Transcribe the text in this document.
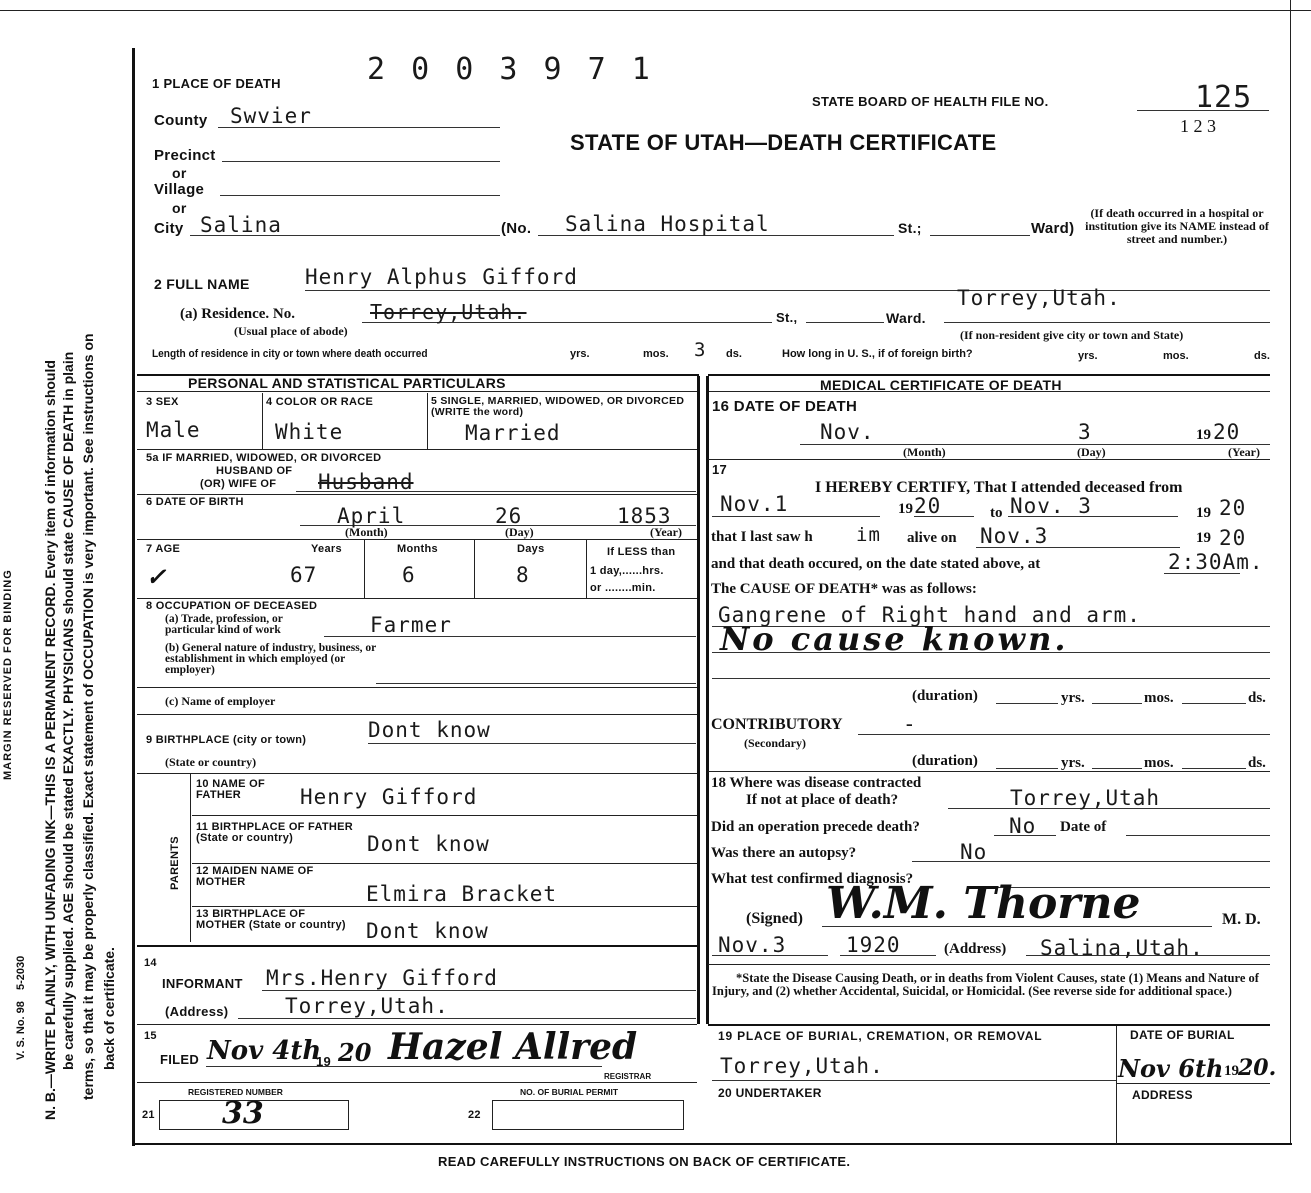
N. B.—WRITE PLAINLY, WITH UNFADING INK—THIS IS A PERMANENT RECORD. Every item of information should be carefully supplied. AGE should be stated EXACTLY. PHYSICIANS should state CAUSE OF DEATH in plain terms, so that it may be properly classified. Exact statement of OCCUPATION is very important. See instructions on back of certificate.
MARGIN RESERVED FOR BINDING
V. S. No. 98
5-2030
1 PLACE OF DEATH	2 0 0 3 9 7 1
STATE BOARD OF HEALTH FILE NO.	125
1 2 3
STATE OF UTAH—DEATH CERTIFICATE
County Swvier
Precinct
or
Village
or
City Salina	(No. Salina Hospital	St.;	Ward)
(If death occurred in a hospital or institution give its NAME instead of street and number.)
2 FULL NAME	Henry Alphus Gifford
(a) Residence. No.	Torrey,Utah.	St.,	Ward.
Torrey,Utah.
(Usual place of abode)	(If non-resident give city or town and State)
Length of residence in city or town where death occurred	yrs.	mos. 3 ds.	How long in U. S., if of foreign birth?	yrs.	mos.	ds.
PERSONAL AND STATISTICAL PARTICULARS	MEDICAL CERTIFICATE OF DEATH
3 SEX
Male
4 COLOR OR RACE
White
5 SINGLE, MARRIED, WIDOWED, OR DIVORCED (WRITE the word)
Married
5a IF MARRIED, WIDOWED, OR DIVORCED
HUSBAND OF
(OR) WIFE OF Husband
6 DATE OF BIRTH
April	26	1853
(Month)	(Day)	(Year)
7 AGE
✓
Years
67
Months
6
Days
8
If LESS than
1 day,......hrs.
or ........min.
8 OCCUPATION OF DECEASED
(a) Trade, profession, or particular kind of work	Farmer
(b) General nature of industry, business, or establishment in which employed (or employer)
(c) Name of employer
9 BIRTHPLACE (city or town)	Dont know
(State or country)
PARENTS
10 NAME OF FATHER	Henry Gifford
11 BIRTHPLACE OF FATHER (State or country)	Dont know
12 MAIDEN NAME OF MOTHER	Elmira Bracket
13 BIRTHPLACE OF MOTHER (State or country) Dont know
14
INFORMANT Mrs.Henry Gifford
(Address)	Torrey,Utah.
15
FILED Nov 4th
19 20 Hazel Allred
REGISTRAR
REGISTERED NUMBER	NO. OF BURIAL PERMIT
21 33	22
16 DATE OF DEATH
Nov.	3	19 20
(Month)	(Day)	(Year)
17
I HEREBY CERTIFY, That I attended deceased from
Nov.1	19 20	to Nov. 3	19 20
that I last saw h im alive on Nov.3	19 20
and that death occured, on the date stated above, at	2:30Am.
The CAUSE OF DEATH* was as follows:
Gangrene of Right hand and arm.
No cause known.
(duration)	yrs.	mos.	ds.
CONTRIBUTORY	-
(Secondary)
(duration)	yrs.	mos.	ds.
18 Where was disease contracted
If not at place of death?	Torrey,Utah
Did an operation precede death?	No Date of
Was there an autopsy?	No
What test confirmed diagnosis?
(Signed) W.M. Thorne	M. D.
Nov.3	1920	(Address) Salina,Utah.
*State the Disease Causing Death, or in deaths from Violent Causes, state (1) Means and Nature of Injury, and (2) whether Accidental, Suicidal, or Homicidal. (See reverse side for additional space.)
19 PLACE OF BURIAL, CREMATION, OR REMOVAL
Torrey,Utah.
DATE OF BURIAL
Nov 6th 19 20.
20 UNDERTAKER	ADDRESS
READ CAREFULLY INSTRUCTIONS ON BACK OF CERTIFICATE.
